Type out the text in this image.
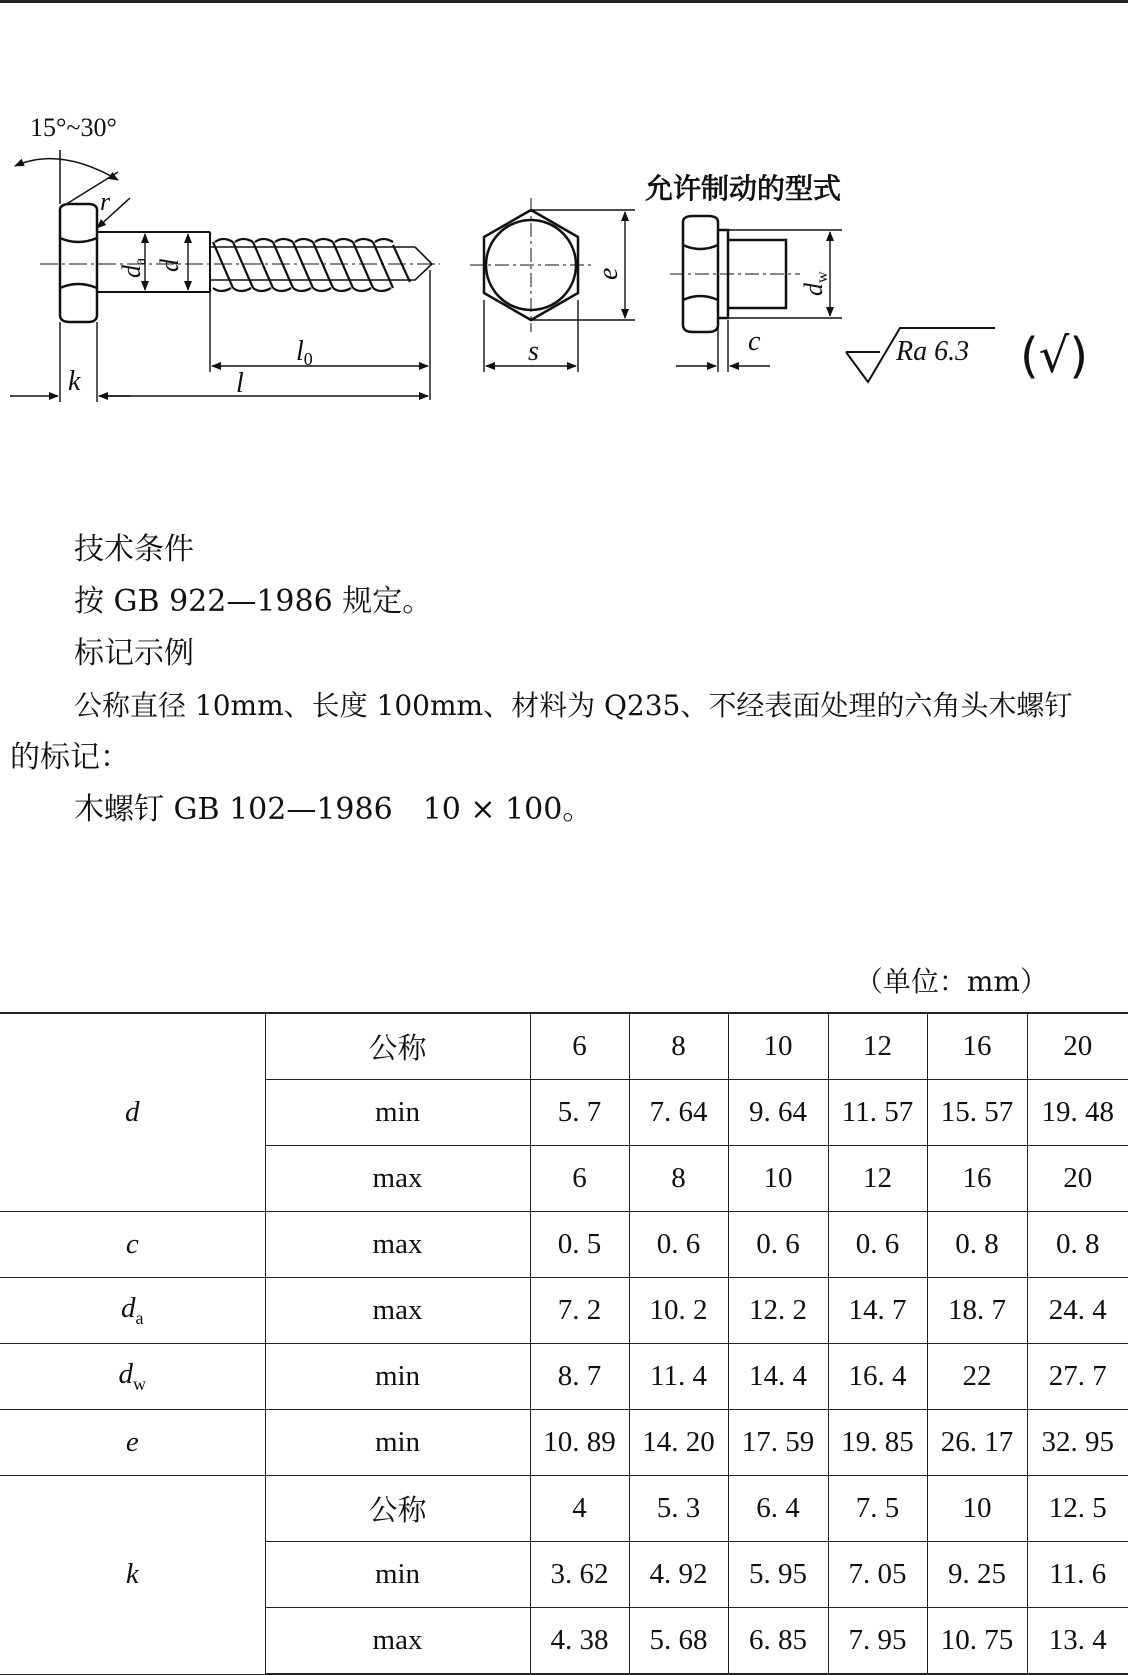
15°~30°
r
da d
l0
l
k
e
s
允许制动的型式
dw
c	Ra 6.3 (√)
技术条件
按 GB 922—1986 规定。
标记示例
公称直径 10mm、长度 100mm、材料为 Q235、不经表面处理的六角头木螺钉
的标记：
木螺钉 GB 102—1986　10 × 100。
（单位：mm）
d	公称	6	8	10	12	16	20
	min	5. 7	7. 64	9. 64	11. 57	15. 57	19. 48
	max	6	8	10	12	16	20
c	max	0. 5	0. 6	0. 6	0. 6	0. 8	0. 8
$d_a$	max	7. 2	10. 2	12. 2	14. 7	18. 7	24. 4
$d_w$	min	8. 7	11. 4	14. 4	16. 4	22	27. 7
e	min	10. 89	14. 20	17. 59	19. 85	26. 17	32. 95
k	公称	4	5. 3	6. 4	7. 5	10	12. 5
	min	3. 62	4. 92	5. 95	7. 05	9. 25	11. 6
	max	4. 38	5. 68	6. 85	7. 95	10. 75	13. 4
